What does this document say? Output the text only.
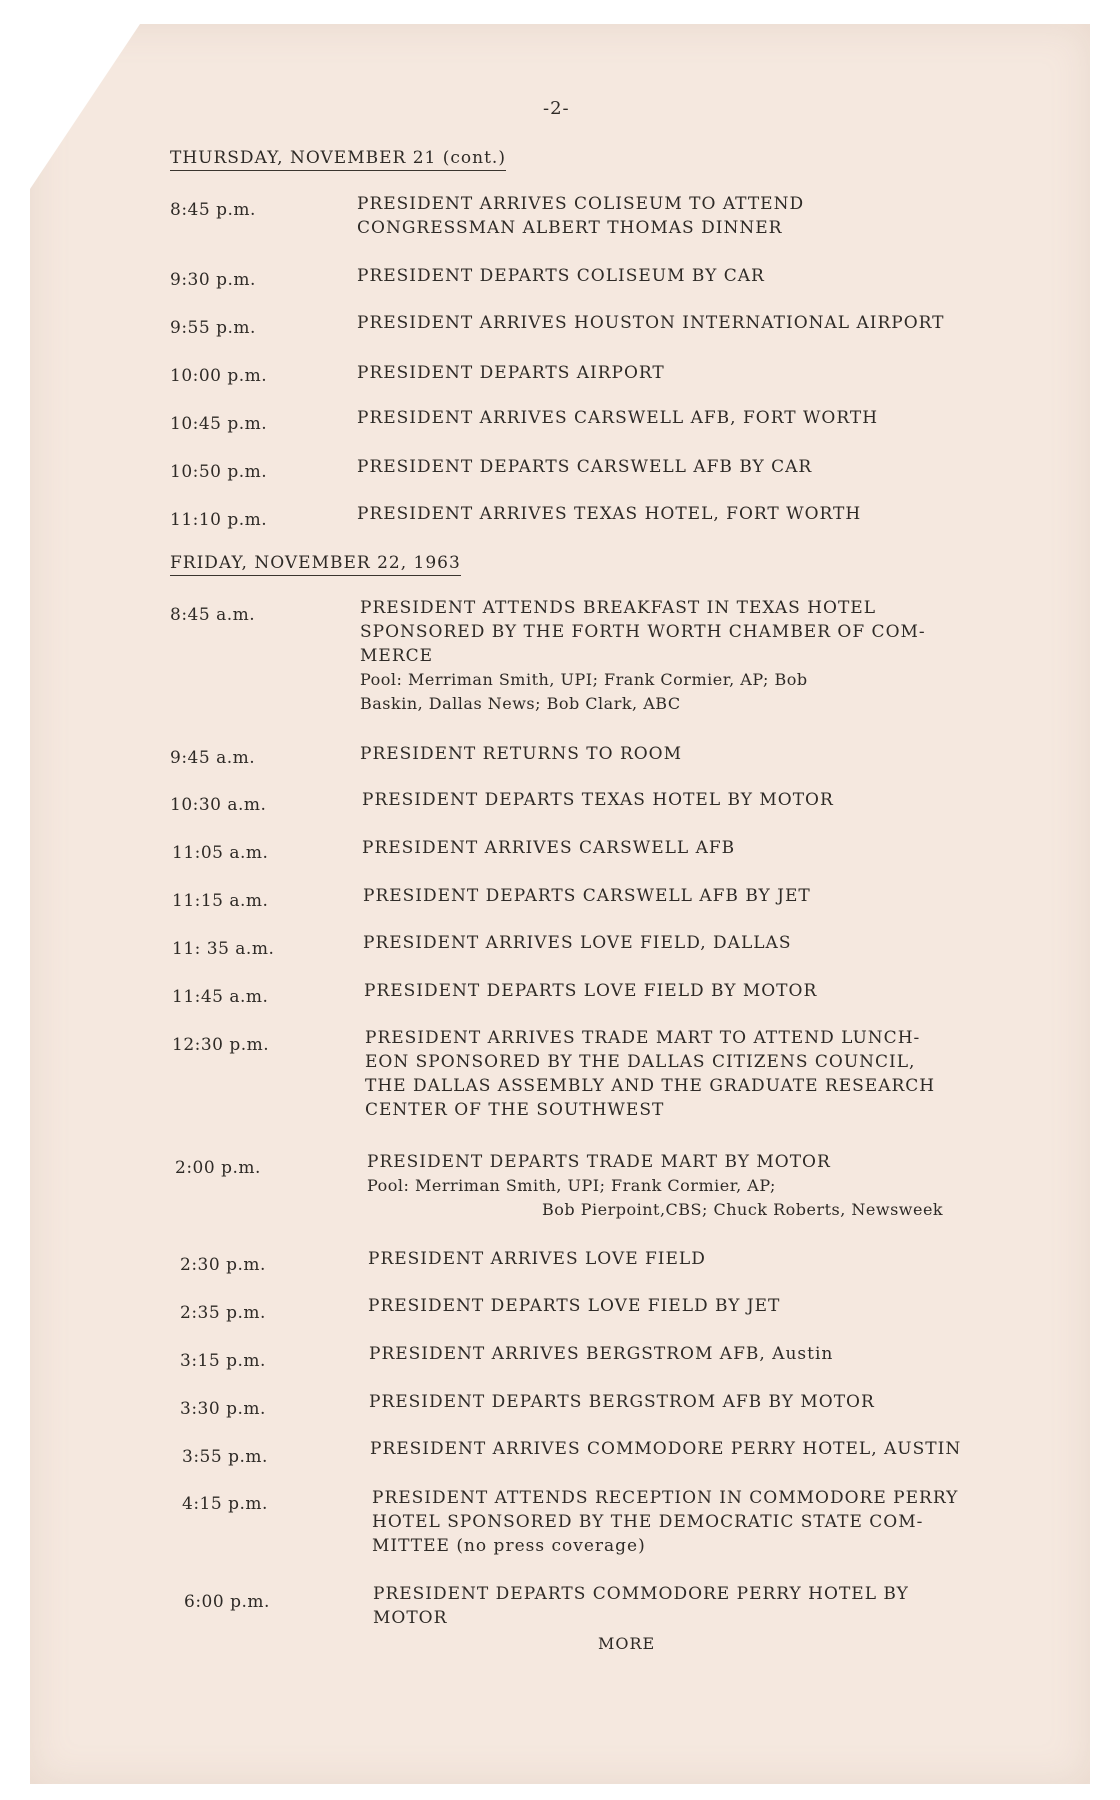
-2-
THURSDAY, NOVEMBER 21 (cont.)
FRIDAY, NOVEMBER 22, 1963
8:45 p.m.	PRESIDENT ARRIVES COLISEUM TO ATTEND
CONGRESSMAN ALBERT THOMAS DINNER
9:30 p.m.	PRESIDENT DEPARTS COLISEUM BY CAR
9:55 p.m.	PRESIDENT ARRIVES HOUSTON INTERNATIONAL AIRPORT
10:00 p.m.	PRESIDENT DEPARTS AIRPORT
10:45 p.m.	PRESIDENT ARRIVES CARSWELL AFB, FORT WORTH
10:50 p.m.	PRESIDENT DEPARTS CARSWELL AFB BY CAR
11:10 p.m.	PRESIDENT ARRIVES TEXAS HOTEL, FORT WORTH
8:45 a.m.	PRESIDENT ATTENDS BREAKFAST IN TEXAS HOTEL
SPONSORED BY THE FORTH WORTH CHAMBER OF COM-
MERCE
Pool: Merriman Smith, UPI; Frank Cormier, AP; Bob
Baskin, Dallas News; Bob Clark, ABC
9:45 a.m.	PRESIDENT RETURNS TO ROOM
10:30 a.m.	PRESIDENT DEPARTS TEXAS HOTEL BY MOTOR
11:05 a.m.	PRESIDENT ARRIVES CARSWELL AFB
11:15 a.m.	PRESIDENT DEPARTS CARSWELL AFB BY JET
11: 35 a.m.	PRESIDENT ARRIVES LOVE FIELD, DALLAS
11:45 a.m.	PRESIDENT DEPARTS LOVE FIELD BY MOTOR
12:30 p.m.	PRESIDENT ARRIVES TRADE MART TO ATTEND LUNCH-
EON SPONSORED BY THE DALLAS CITIZENS COUNCIL,
THE DALLAS ASSEMBLY AND THE GRADUATE RESEARCH
CENTER OF THE SOUTHWEST
2:00 p.m.	PRESIDENT DEPARTS TRADE MART BY MOTOR
Pool: Merriman Smith, UPI; Frank Cormier, AP;
Bob Pierpoint,CBS; Chuck Roberts, Newsweek
2:30 p.m.	PRESIDENT ARRIVES LOVE FIELD
2:35 p.m.	PRESIDENT DEPARTS LOVE FIELD BY JET
3:15 p.m.	PRESIDENT ARRIVES BERGSTROM AFB, Austin
3:30 p.m.	PRESIDENT DEPARTS BERGSTROM AFB BY MOTOR
3:55 p.m.	PRESIDENT ARRIVES COMMODORE PERRY HOTEL, AUSTIN
4:15 p.m.	PRESIDENT ATTENDS RECEPTION IN COMMODORE PERRY
HOTEL SPONSORED BY THE DEMOCRATIC STATE COM-
MITTEE (no press coverage)
6:00 p.m.	PRESIDENT DEPARTS COMMODORE PERRY HOTEL BY
MOTOR
MORE
